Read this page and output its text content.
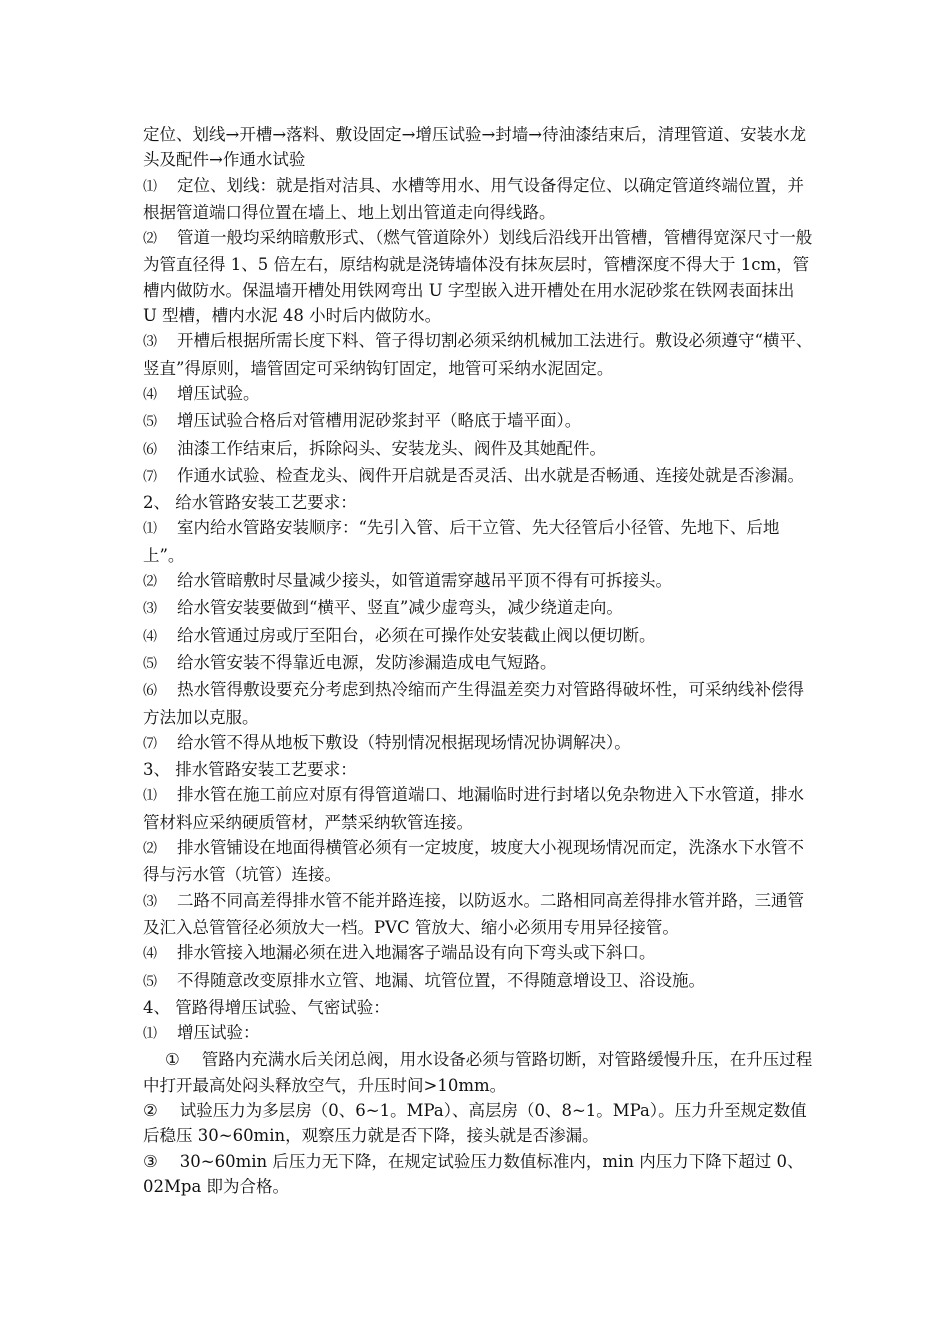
定位、划线→开槽→落料、敷设固定→增压试验→封墙→待油漆结束后，清理管道、安装水龙头及配件→作通水试验

⑴ 定位、划线：就是指对洁具、水槽等用水、用气设备得定位、以确定管道终端位置，并根据管道端口得位置在墙上、地上划出管道走向得线路。

⑵ 管道一般均采纳暗敷形式、（燃气管道除外）划线后沿线开出管槽，管槽得宽深尺寸一般为管直径得 1、5 倍左右，原结构就是浇铸墙体没有抹灰层时，管槽深度不得大于 1cm，管槽内做防水。保温墙开槽处用铁网弯出 U 字型嵌入进开槽处在用水泥砂浆在铁网表面抹出 U 型槽，槽内水泥 48 小时后内做防水。

⑶ 开槽后根据所需长度下料、管子得切割必须采纳机械加工法进行。敷设必须遵守“横平、竖直”得原则，墙管固定可采纳钩钉固定，地管可采纳水泥固定。

⑷ 增压试验。

⑸ 增压试验合格后对管槽用泥砂浆封平（略底于墙平面）。

⑹ 油漆工作结束后，拆除闷头、安装龙头、阀件及其她配件。

⑺ 作通水试验、检查龙头、阀件开启就是否灵活、出水就是否畅通、连接处就是否渗漏。

2、 给水管路安装工艺要求：

⑴ 室内给水管路安装顺序：“先引入管、后干立管、先大径管后小径管、先地下、后地上”。

⑵ 给水管暗敷时尽量减少接头，如管道需穿越吊平顶不得有可拆接头。

⑶ 给水管安装要做到“横平、竖直”减少虚弯头，减少绕道走向。

⑷ 给水管通过房或厅至阳台，必须在可操作处安装截止阀以便切断。

⑸ 给水管安装不得靠近电源，发防渗漏造成电气短路。

⑹ 热水管得敷设要充分考虑到热冷缩而产生得温差奕力对管路得破坏性，可采纳线补偿得方法加以克服。

⑺ 给水管不得从地板下敷设（特别情况根据现场情况协调解决）。

3、 排水管路安装工艺要求：

⑴ 排水管在施工前应对原有得管道端口、地漏临时进行封堵以免杂物进入下水管道，排水管材料应采纳硬质管材，严禁采纳软管连接。

⑵ 排水管铺设在地面得横管必须有一定坡度，坡度大小视现场情况而定，洗涤水下水管不得与污水管（坑管）连接。

⑶ 二路不同高差得排水管不能并路连接，以防返水。二路相同高差得排水管并路，三通管及汇入总管管径必须放大一档。PVC 管放大、缩小必须用专用异径接管。

⑷ 排水管接入地漏必须在进入地漏客子端品设有向下弯头或下斜口。

⑸ 不得随意改变原排水立管、地漏、坑管位置，不得随意增设卫、浴设施。

4、 管路得增压试验、气密试验：

⑴ 增压试验：

① 管路内充满水后关闭总阀，用水设备必须与管路切断，对管路缓慢升压，在升压过程中打开最高处闷头释放空气，升压时间>10mm。

② 试验压力为多层房（0、6~1。MPa）、高层房（0、8~1。MPa）。压力升至规定数值后稳压 30~60min，观察压力就是否下降，接头就是否渗漏。

③ 30~60min 后压力无下降，在规定试验压力数值标准内，min 内压力下降下超过 0、02Mpa 即为合格。
